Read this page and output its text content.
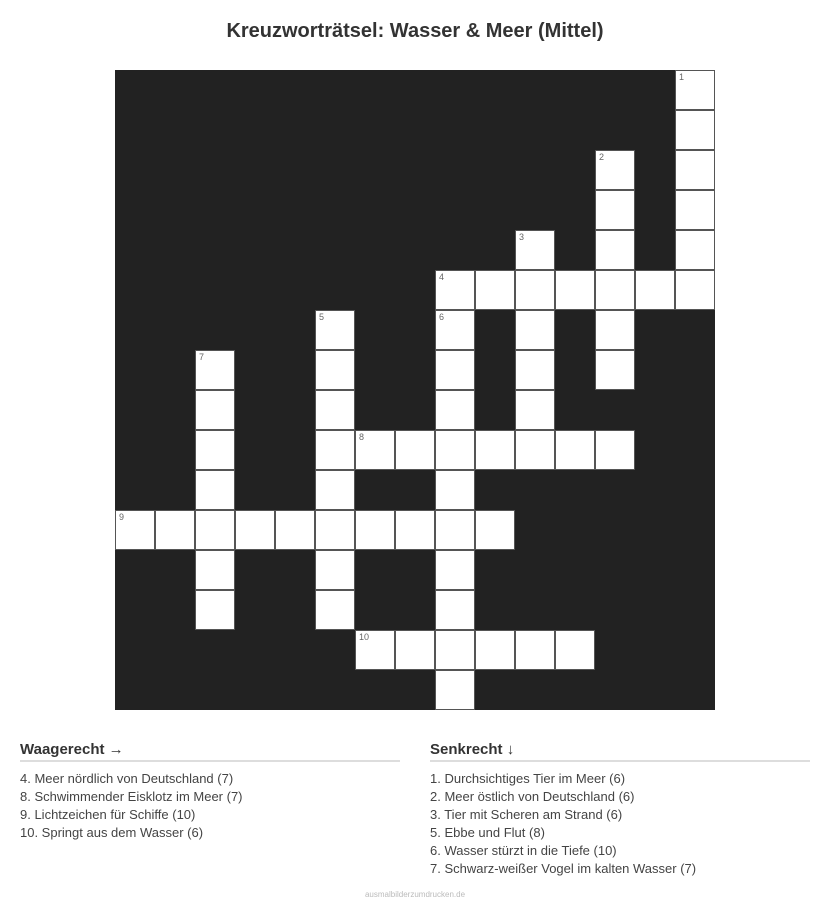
Kreuzworträtsel: Wasser & Meer (Mittel)
1
2
3
4
5	6
7
8
9
10
Waagerecht →
4. Meer nördlich von Deutschland (7)
8. Schwimmender Eisklotz im Meer (7)
9. Lichtzeichen für Schiffe (10)
10. Springt aus dem Wasser (6)
Senkrecht ↓
1. Durchsichtiges Tier im Meer (6)
2. Meer östlich von Deutschland (6)
3. Tier mit Scheren am Strand (6)
5. Ebbe und Flut (8)
6. Wasser stürzt in die Tiefe (10)
7. Schwarz-weißer Vogel im kalten Wasser (7)
ausmalbilderzumdrucken.de
